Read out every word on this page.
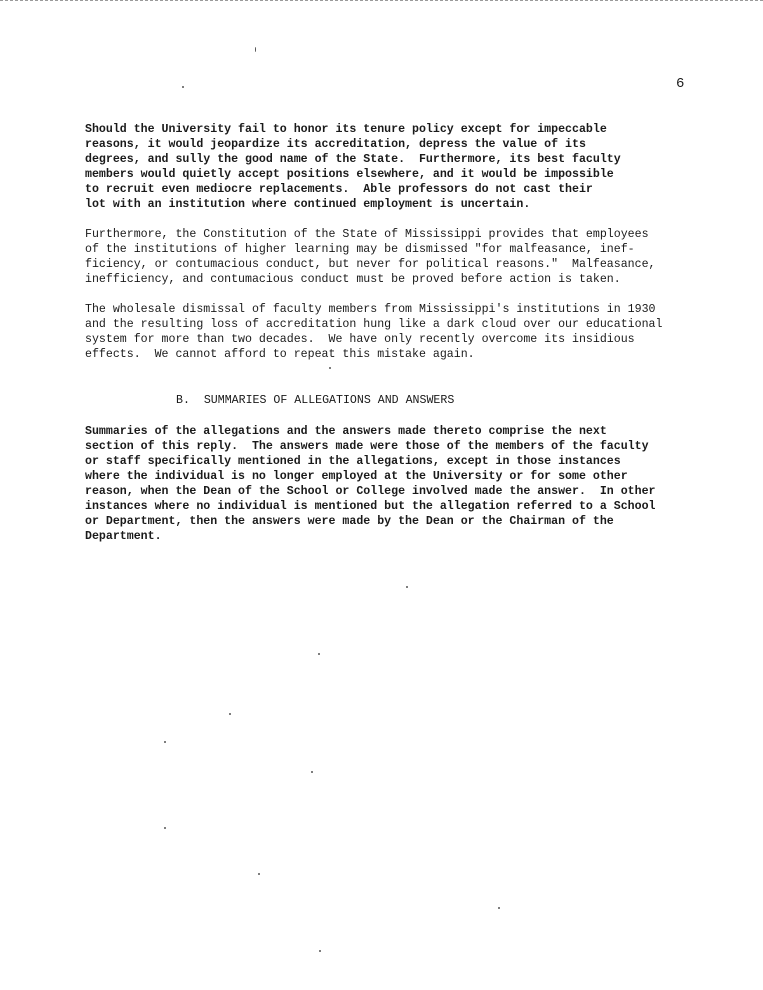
6
Should the University fail to honor its tenure policy except for impeccable
reasons, it would jeopardize its accreditation, depress the value of its
degrees, and sully the good name of the State.  Furthermore, its best faculty
members would quietly accept positions elsewhere, and it would be impossible
to recruit even mediocre replacements.  Able professors do not cast their
lot with an institution where continued employment is uncertain.
Furthermore, the Constitution of the State of Mississippi provides that employees
of the institutions of higher learning may be dismissed "for malfeasance, inef-
ficiency, or contumacious conduct, but never for political reasons."  Malfeasance,
inefficiency, and contumacious conduct must be proved before action is taken.
The wholesale dismissal of faculty members from Mississippi's institutions in 1930
and the resulting loss of accreditation hung like a dark cloud over our educational
system for more than two decades.  We have only recently overcome its insidious
effects.  We cannot afford to repeat this mistake again.
B.  SUMMARIES OF ALLEGATIONS AND ANSWERS
Summaries of the allegations and the answers made thereto comprise the next
section of this reply.  The answers made were those of the members of the faculty
or staff specifically mentioned in the allegations, except in those instances
where the individual is no longer employed at the University or for some other
reason, when the Dean of the School or College involved made the answer.  In other
instances where no individual is mentioned but the allegation referred to a School
or Department, then the answers were made by the Dean or the Chairman of the
Department.
